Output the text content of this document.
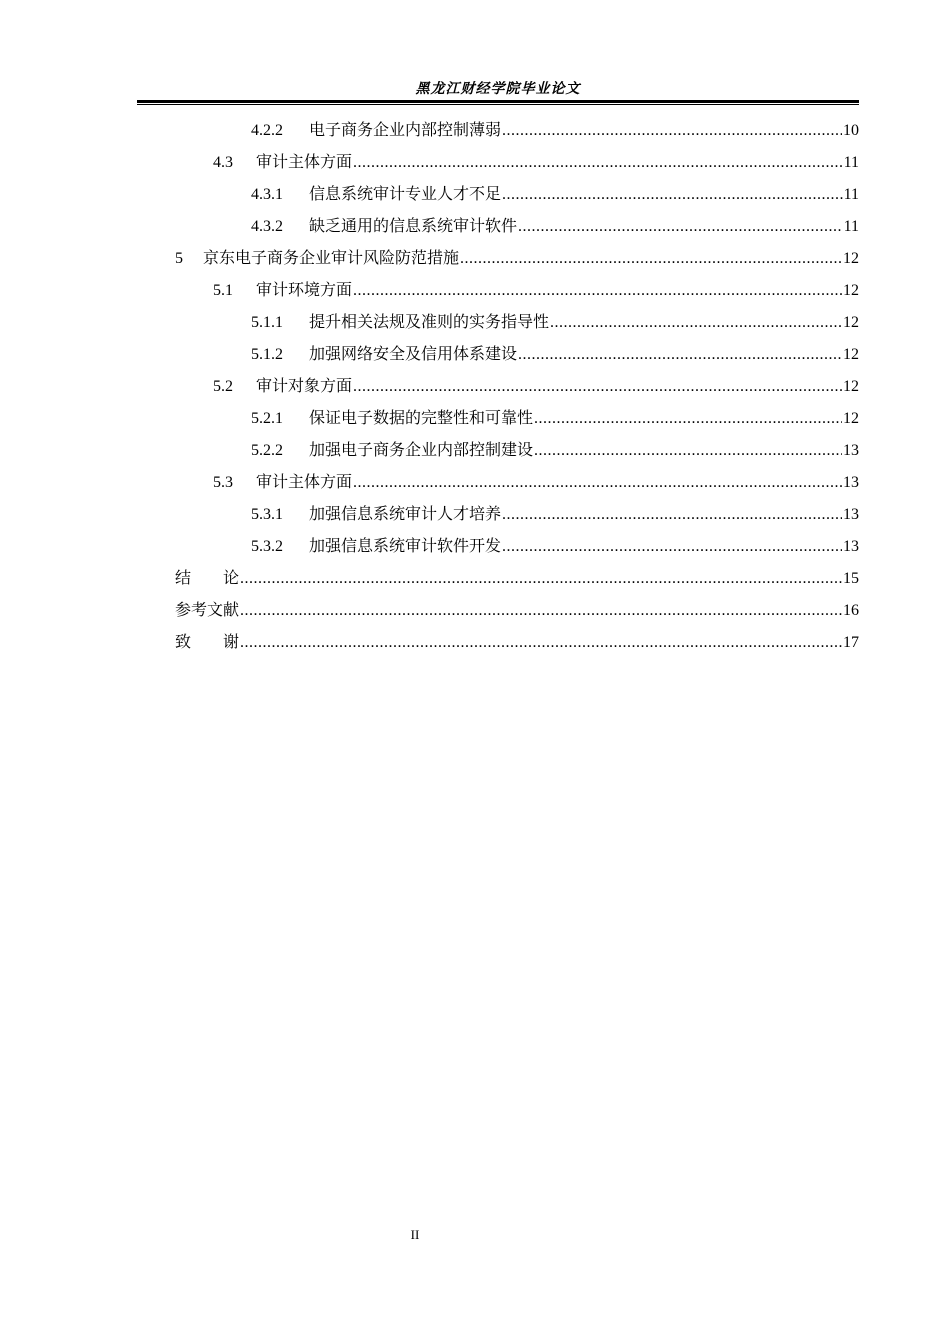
黑龙江财经学院毕业论文
4.2.2	电子商务企业内部控制薄弱 .....	10
4.3	审计主体方面 .....	11
4.3.1	信息系统审计专业人才不足 .....	11
4.3.2	缺乏通用的信息系统审计软件 .....	11
5	京东电子商务企业审计风险防范措施 .....	12
5.1	审计环境方面 .....	12
5.1.1	提升相关法规及准则的实务指导性 .....	12
5.1.2	加强网络安全及信用体系建设 .....	12
5.2	审计对象方面 .....	12
5.2.1	保证电子数据的完整性和可靠性 .....	12
5.2.2	加强电子商务企业内部控制建设 .....	13
5.3	审计主体方面 .....	13
5.3.1	加强信息系统审计人才培养 .....	13
5.3.2	加强信息系统审计软件开发 .....	13
结　　论 .....	15
参考文献 .....	16
致　　谢 .....	17
II
